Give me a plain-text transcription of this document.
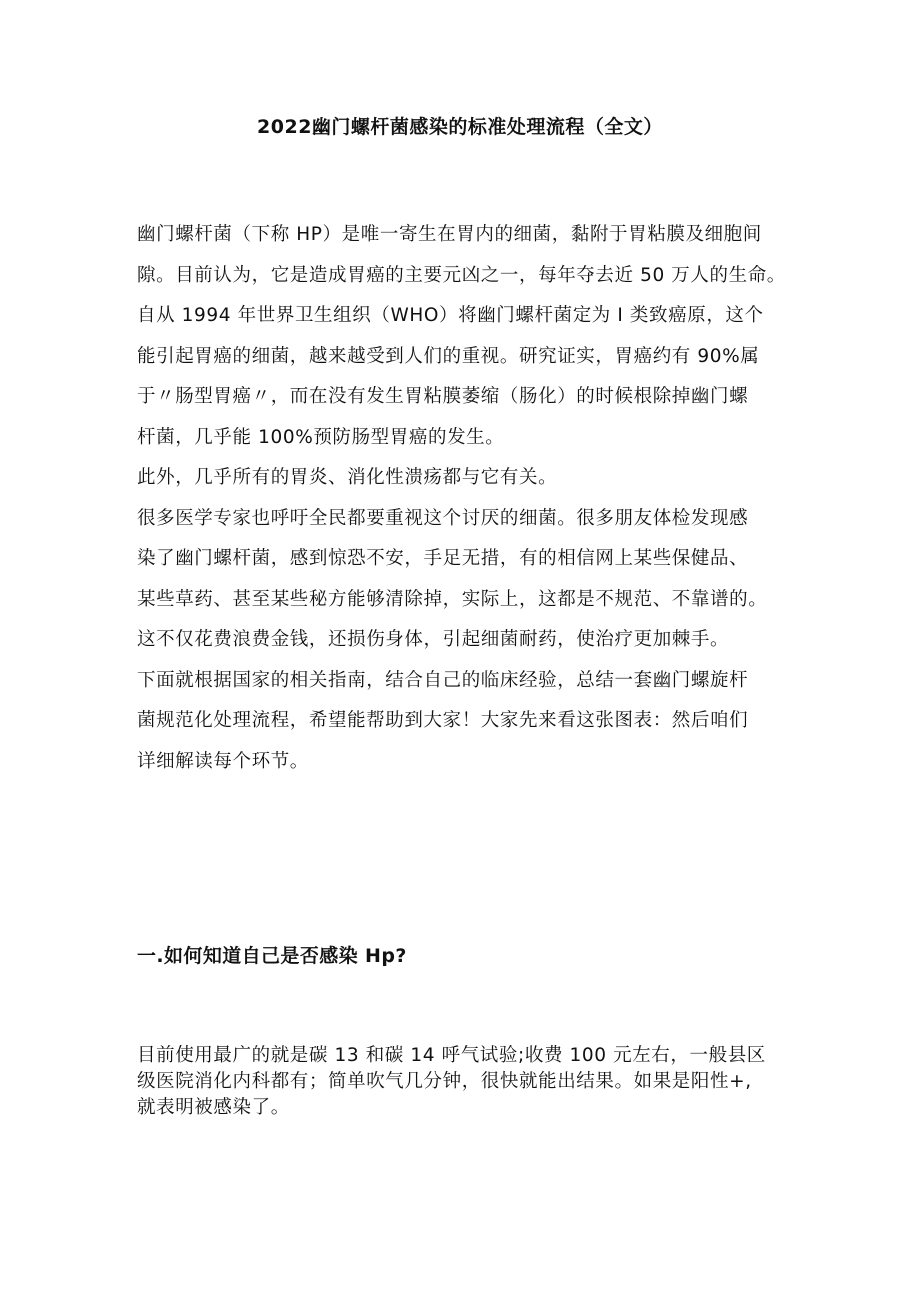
2022幽门螺杆菌感染的标准处理流程（全文）

幽门螺杆菌（下称 HP）是唯一寄生在胃内的细菌，黏附于胃粘膜及细胞间

隙。目前认为，它是造成胃癌的主要元凶之一，每年夺去近 50 万人的生命。

自从 1994 年世界卫生组织（WHO）将幽门螺杆菌定为 I 类致癌原，这个

能引起胃癌的细菌，越来越受到人们的重视。研究证实，胃癌约有 90%属

于〃肠型胃癌〃，而在没有发生胃粘膜萎缩（肠化）的时候根除掉幽门螺

杆菌，几乎能 100%预防肠型胃癌的发生。

此外，几乎所有的胃炎、消化性溃疡都与它有关。

很多医学专家也呼吁全民都要重视这个讨厌的细菌。很多朋友体检发现感

染了幽门螺杆菌，感到惊恐不安，手足无措，有的相信网上某些保健品、

某些草药、甚至某些秘方能够清除掉，实际上，这都是不规范、不靠谱的。

这不仅花费浪费金钱，还损伤身体，引起细菌耐药，使治疗更加棘手。

下面就根据国家的相关指南，结合自己的临床经验，总结一套幽门螺旋杆

菌规范化处理流程，希望能帮助到大家！大家先来看这张图表：然后咱们

详细解读每个环节。

一.如何知道自己是否感染 Hp?

目前使用最广的就是碳 13 和碳 14 呼气试验;收费 100 元左右，一般县区

级医院消化内科都有；简单吹气几分钟，很快就能出结果。如果是阳性+,

就表明被感染了。
